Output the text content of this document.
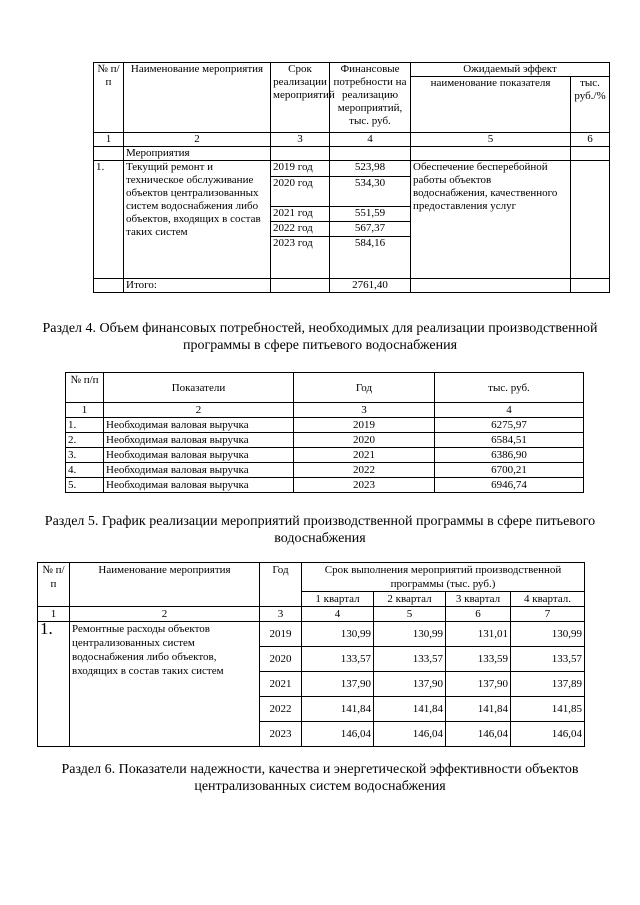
№ п/п	Наименование мероприятия	Срок реализации мероприятий	Финансовые потребности на реализацию мероприятий, тыс. руб.	Ожидаемый эффект	
				наименование показателя	тыс. руб./%
1	2	3	4	5	6
	Мероприятия				
1.	Текущий ремонт и техническое обслуживание объектов централизованных систем водоснабжения либо объектов, входящих в состав таких систем	2019 год	523,98	Обеспечение бесперебойной работы объектов водоснабжения, качественного предоставления услуг	
		2020 год	534,30		
		2021 год	551,59		
		2022 год	567,37		
		2023 год	584,16		
	Итого:		2761,40		
Раздел 4. Объем финансовых потребностей, необходимых для реализации производственной программы в сфере питьевого водоснабжения
№ п/п	Показатели	Год	тыс. руб.
1	2	3	4
1.	Необходимая валовая выручка	2019	6275,97
2.	Необходимая валовая выручка	2020	6584,51
3.	Необходимая валовая выручка	2021	6386,90
4.	Необходимая валовая выручка	2022	6700,21
5.	Необходимая валовая выручка	2023	6946,74
Раздел 5. График реализации мероприятий производственной программы в сфере питьевого водоснабжения
№ п/ п	Наименование мероприятия	Год	Срок выполнения мероприятий производственной программы (тыс. руб.)			
			1 квартал	2 квартал	3 квартал	4 квартал.
1	2	3	4	5	6	7
1.	Ремонтные расходы объектов централизованных систем водоснабжения либо объектов, входящих в состав таких систем	2019	130,99	130,99	131,01	130,99
		2020	133,57	133,57	133,59	133,57
		2021	137,90	137,90	137,90	137,89
		2022	141,84	141,84	141,84	141,85
		2023	146,04	146,04	146,04	146,04
Раздел 6. Показатели надежности, качества и энергетической эффективности объектов централизованных систем водоснабжения
